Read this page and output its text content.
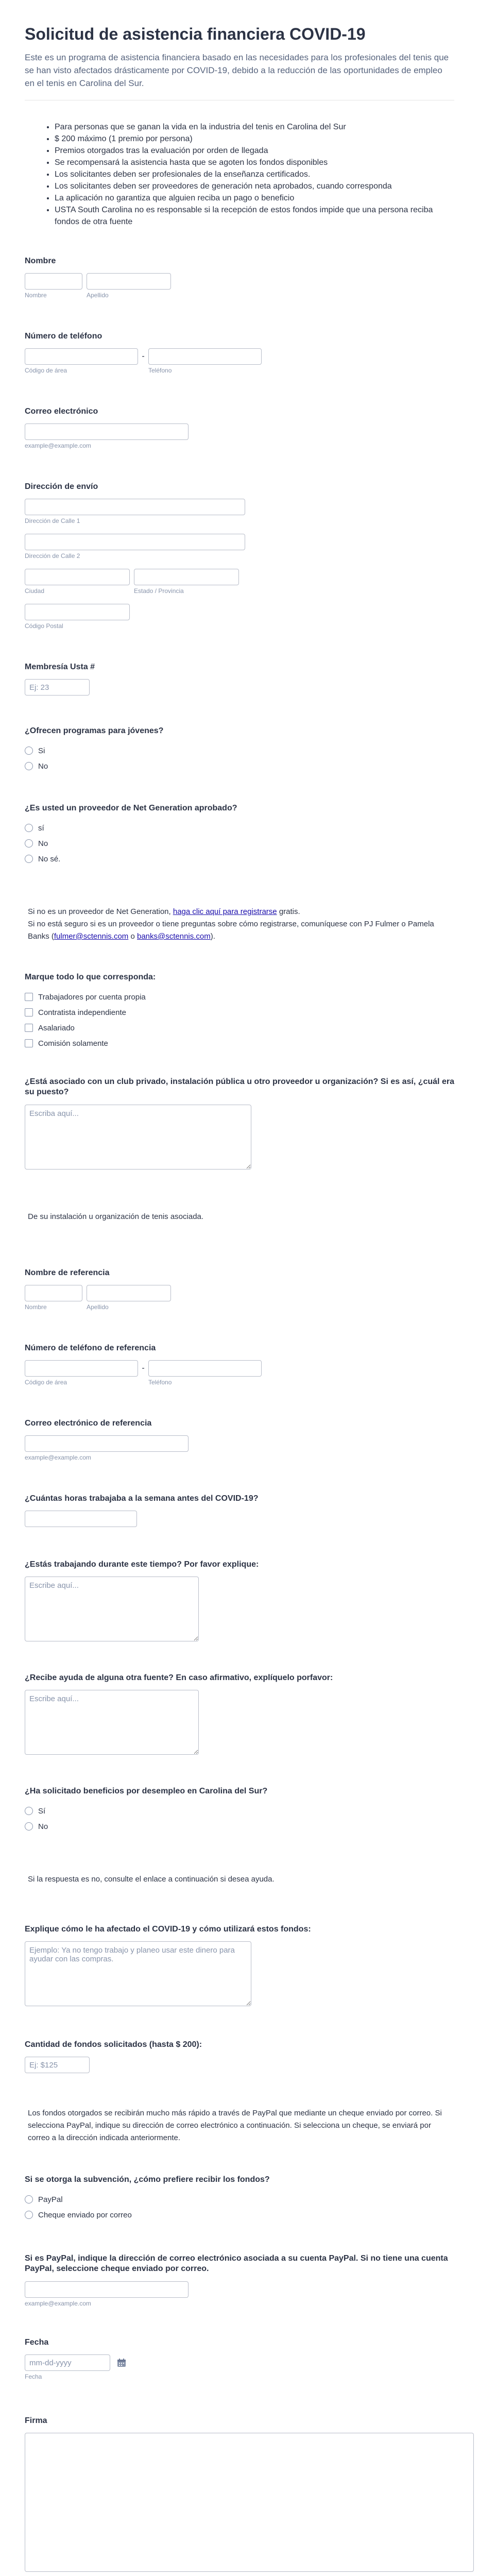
Solicitud de asistencia financiera COVID-19

Este es un programa de asistencia financiera basado en las necesidades para los profesionales del tenis que se han visto afectados drásticamente por COVID-19, debido a la reducción de las oportunidades de empleo en el tenis en Carolina del Sur.

• Para personas que se ganan la vida en la industria del tenis en Carolina del Sur
• $ 200 máximo (1 premio por persona)
• Premios otorgados tras la evaluación por orden de llegada
• Se recompensará la asistencia hasta que se agoten los fondos disponibles
• Los solicitantes deben ser profesionales de la enseñanza certificados.
• Los solicitantes deben ser proveedores de generación neta aprobados, cuando corresponda
• La aplicación no garantiza que alguien reciba un pago o beneficio
• USTA South Carolina no es responsable si la recepción de estos fondos impide que una persona reciba fondos de otra fuente
Nombre
Nombre	Apellido
Número de teléfono
Código de área
-
Teléfono
Correo electrónico
example@example.com
Dirección de envío
Dirección de Calle 1
Dirección de Calle 2
Ciudad	Estado / Provincia
Código Postal
Membresía Usta #
Ej: 23
¿Ofrecen programas para jóvenes?
Si
No
¿Es usted un proveedor de Net Generation aprobado?
sí
No
No sé.
Si no es un proveedor de Net Generation, haga clic aquí para registrarse gratis.
Si no está seguro si es un proveedor o tiene preguntas sobre cómo registrarse, comuníquese con PJ Fulmer o Pamela Banks (fulmer@sctennis.com o banks@sctennis.com).
Marque todo lo que corresponda:
Trabajadores por cuenta propia
Contratista independiente
Asalariado
Comisión solamente
¿Está asociado con un club privado, instalación pública u otro proveedor u organización? Si es así, ¿cuál era su puesto?
Escriba aquí...
De su instalación u organización de tenis asociada.
Nombre de referencia
Nombre	Apellido
Número de teléfono de referencia
Código de área
-
Teléfono
Correo electrónico de referencia
example@example.com
¿Cuántas horas trabajaba a la semana antes del COVID-19?
¿Estás trabajando durante este tiempo? Por favor explique:
Escribe aquí...
¿Recibe ayuda de alguna otra fuente? En caso afirmativo, explíquelo porfavor:
Escribe aquí...
¿Ha solicitado beneficios por desempleo en Carolina del Sur?
Sí
No
Si la respuesta es no, consulte el enlace a continuación si desea ayuda.
Explique cómo le ha afectado el COVID-19 y cómo utilizará estos fondos:
Ejemplo: Ya no tengo trabajo y planeo usar este dinero para ayudar con las compras.
Cantidad de fondos solicitados (hasta $ 200):
Ej: $125
Los fondos otorgados se recibirán mucho más rápido a través de PayPal que mediante un cheque enviado por correo. Si selecciona PayPal, indique su dirección de correo electrónico a continuación. Si selecciona un cheque, se enviará por correo a la dirección indicada anteriormente.
Si se otorga la subvención, ¿cómo prefiere recibir los fondos?
PayPal
Cheque enviado por correo
Si es PayPal, indique la dirección de correo electrónico asociada a su cuenta PayPal. Si no tiene una cuenta PayPal, seleccione cheque enviado por correo.
example@example.com
Fecha
mm-dd-yyyy
Fecha
Firma
